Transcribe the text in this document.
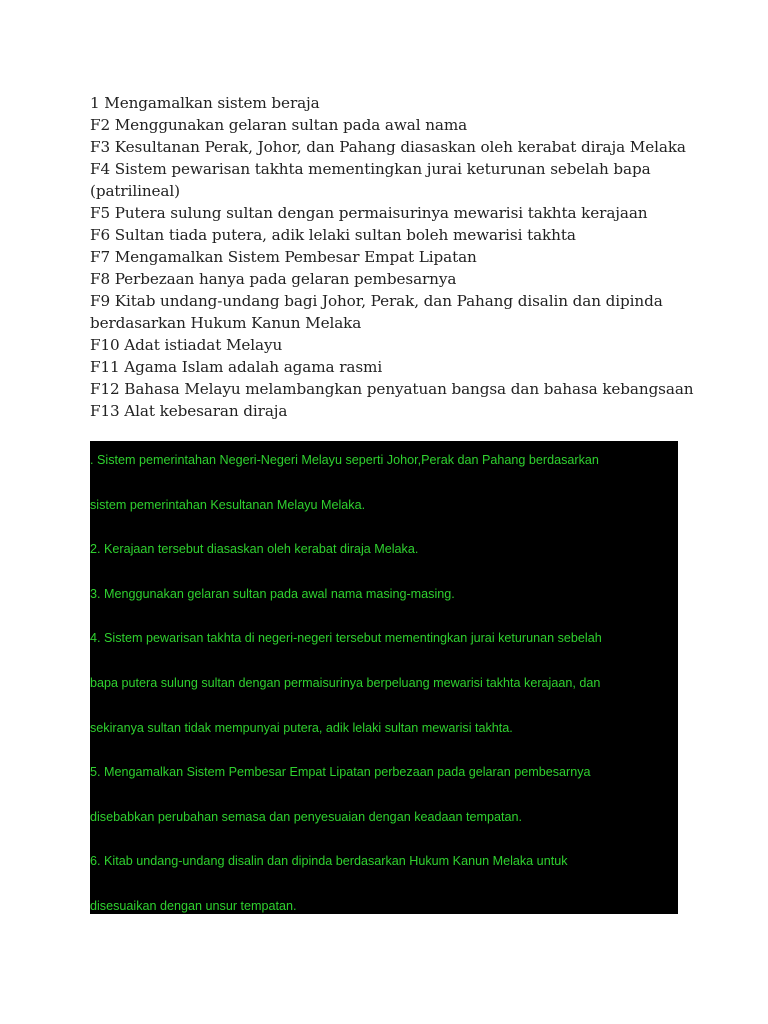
1 Mengamalkan sistem beraja
F2 Menggunakan gelaran sultan pada awal nama
F3 Kesultanan Perak, Johor, dan Pahang diasaskan oleh kerabat diraja Melaka
F4 Sistem pewarisan takhta mementingkan jurai keturunan sebelah bapa
(patrilineal)
F5 Putera sulung sultan dengan permaisurinya mewarisi takhta kerajaan
F6 Sultan tiada putera, adik lelaki sultan boleh mewarisi takhta
F7 Mengamalkan Sistem Pembesar Empat Lipatan
F8 Perbezaan hanya pada gelaran pembesarnya
F9 Kitab undang-undang bagi Johor, Perak, dan Pahang disalin dan dipinda
berdasarkan Hukum Kanun Melaka
F10 Adat istiadat Melayu
F11 Agama Islam adalah agama rasmi
F12 Bahasa Melayu melambangkan penyatuan bangsa dan bahasa kebangsaan
F13 Alat kebesaran diraja
. Sistem pemerintahan Negeri-Negeri Melayu seperti Johor,Perak dan Pahang berdasarkan
sistem pemerintahan Kesultanan Melayu Melaka.
2. Kerajaan tersebut diasaskan oleh kerabat diraja Melaka.
3. Menggunakan gelaran sultan pada awal nama masing-masing.
4. Sistem pewarisan takhta di negeri-negeri tersebut mementingkan jurai keturunan sebelah
bapa putera sulung sultan dengan permaisurinya berpeluang mewarisi takhta kerajaan, dan
sekiranya sultan tidak mempunyai putera, adik lelaki sultan mewarisi takhta.
5. Mengamalkan Sistem Pembesar Empat Lipatan perbezaan pada gelaran pembesarnya
disebabkan perubahan semasa dan penyesuaian dengan keadaan tempatan.
6. Kitab undang-undang disalin dan dipinda berdasarkan Hukum Kanun Melaka untuk
disesuaikan dengan unsur tempatan.
